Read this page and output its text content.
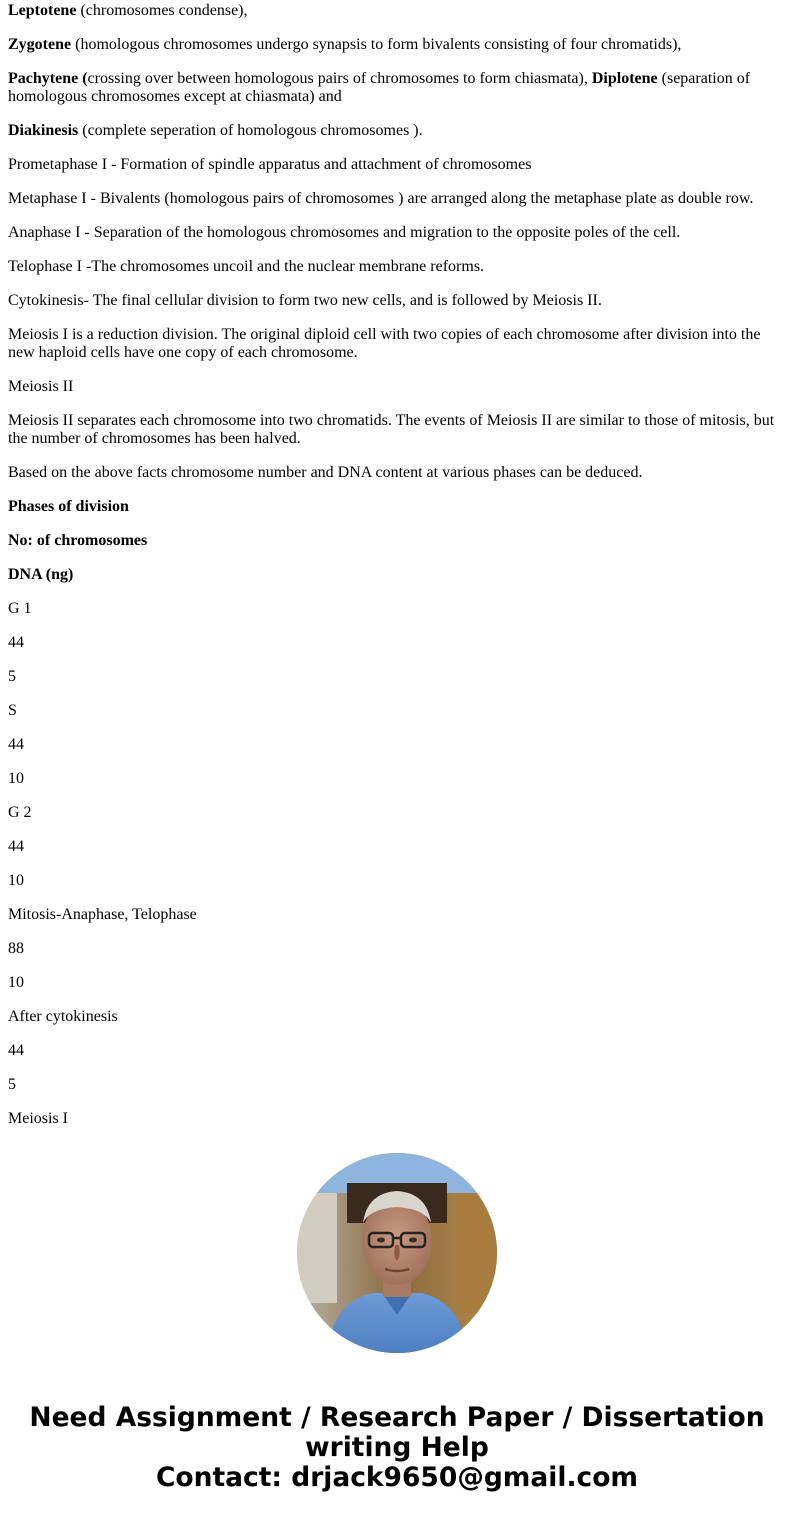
Leptotene (chromosomes condense),

Zygotene (homologous chromosomes undergo synapsis to form bivalents consisting of four chromatids),

Pachytene (crossing over between homologous pairs of chromosomes to form chiasmata), Diplotene (separation of homologous chromosomes except at chiasmata) and

Diakinesis (complete seperation of homologous chromosomes ).

Prometaphase I - Formation of spindle apparatus and attachment of chromosomes

Metaphase I - Bivalents (homologous pairs of chromosomes ) are arranged along the metaphase plate as double row.

Anaphase I - Separation of the homologous chromosomes and migration to the opposite poles of the cell.

Telophase I -The chromosomes uncoil and the nuclear membrane reforms.

Cytokinesis- The final cellular division to form two new cells, and is followed by Meiosis II.

Meiosis I is a reduction division. The original diploid cell with two copies of each chromosome after division into the new haploid cells have one copy of each chromosome.

Meiosis II

Meiosis II separates each chromosome into two chromatids. The events of Meiosis II are similar to those of mitosis, but the number of chromosomes has been halved.

Based on the above facts chromosome number and DNA content at various phases can be deduced.

Phases of division

No: of chromosomes

DNA (ng)

G 1

44

5

S

44

10

G 2

44

10

Mitosis-Anaphase, Telophase

88

10

After cytokinesis

44

5

Meiosis I

Need Assignment / Research Paper / Dissertation
writing Help
Contact: drjack9650@gmail.com
